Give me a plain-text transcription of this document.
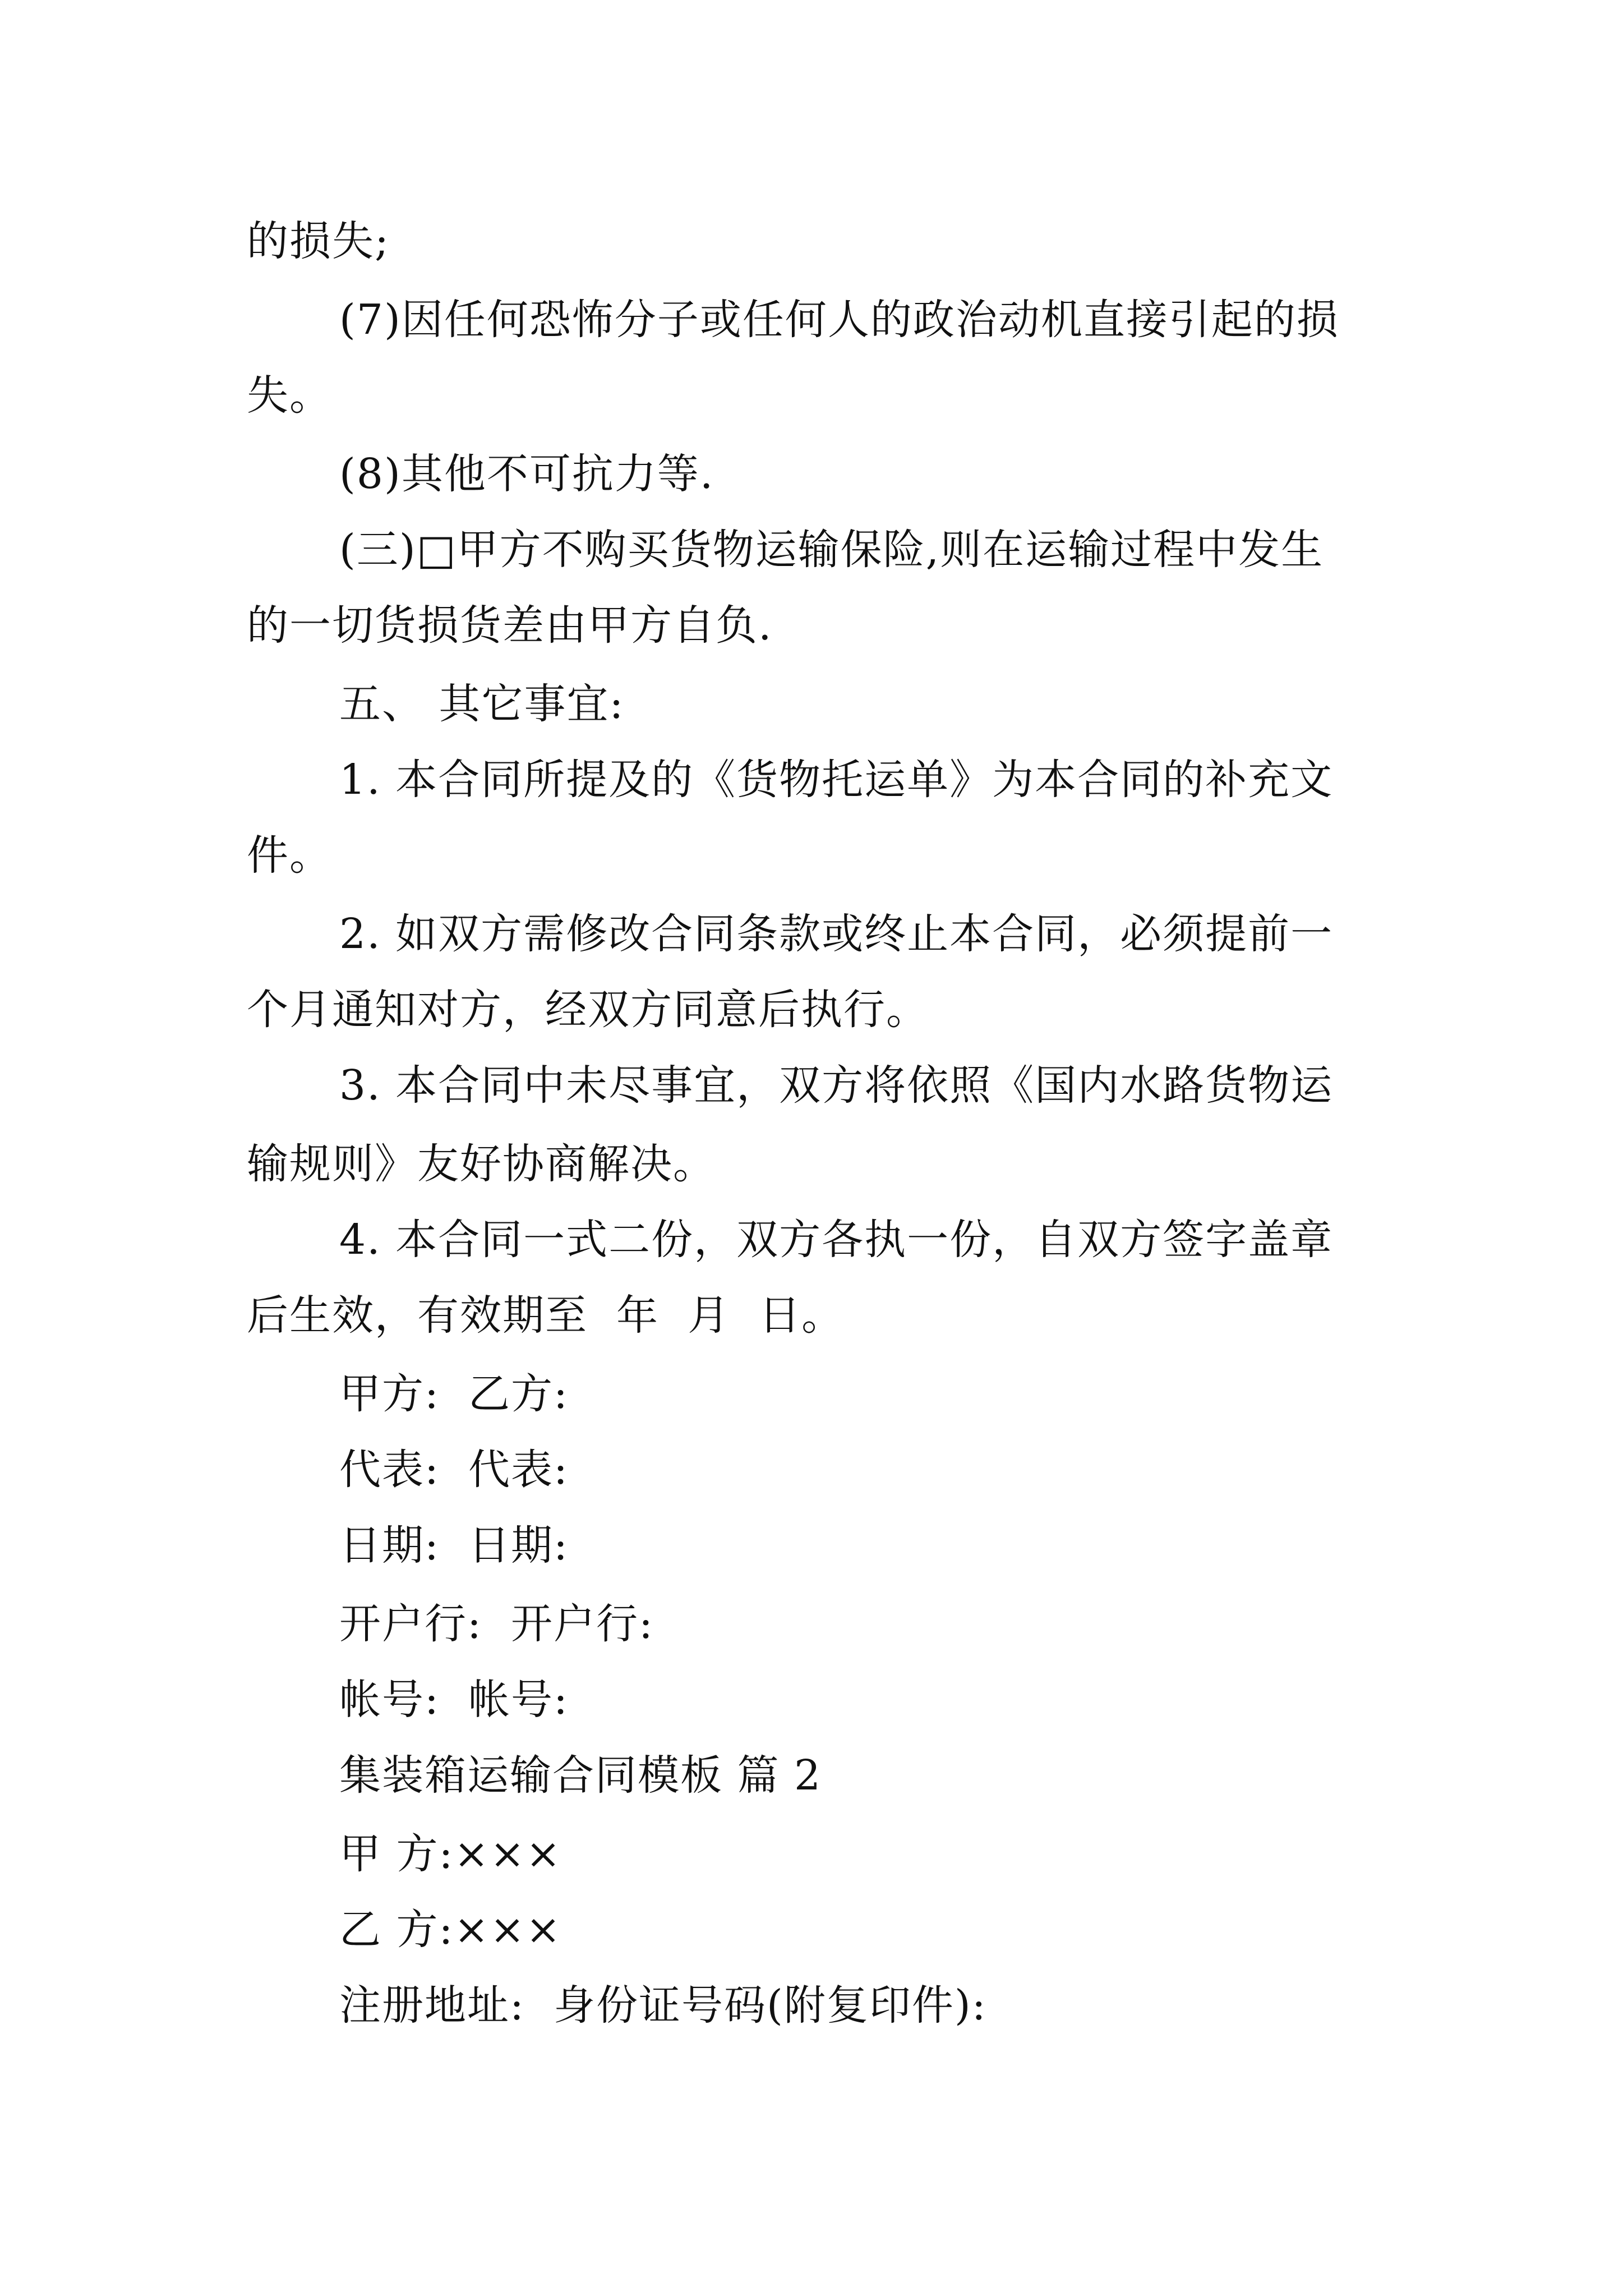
的损失;
(7)因任何恐怖分子或任何人的政治动机直接引起的损
失。
(8)其他不可抗力等.
(三)□甲方不购买货物运输保险,则在运输过程中发生
的一切货损货差由甲方自负.
五、 其它事宜:
1. 本合同所提及的《货物托运单》为本合同的补充文
件。
2. 如双方需修改合同条款或终止本合同，必须提前一
个月通知对方，经双方同意后执行。
3. 本合同中未尽事宜，双方将依照《国内水路货物运
输规则》友好协商解决。
4. 本合同一式二份，双方各执一份，自双方签字盖章
后生效，有效期至  年  月  日。
甲方:  乙方:
代表:  代表:
日期:  日期:
开户行:  开户行:
帐号:  帐号:
集装箱运输合同模板 篇 2
甲 方:×××
乙 方:×××
注册地址:  身份证号码(附复印件):
